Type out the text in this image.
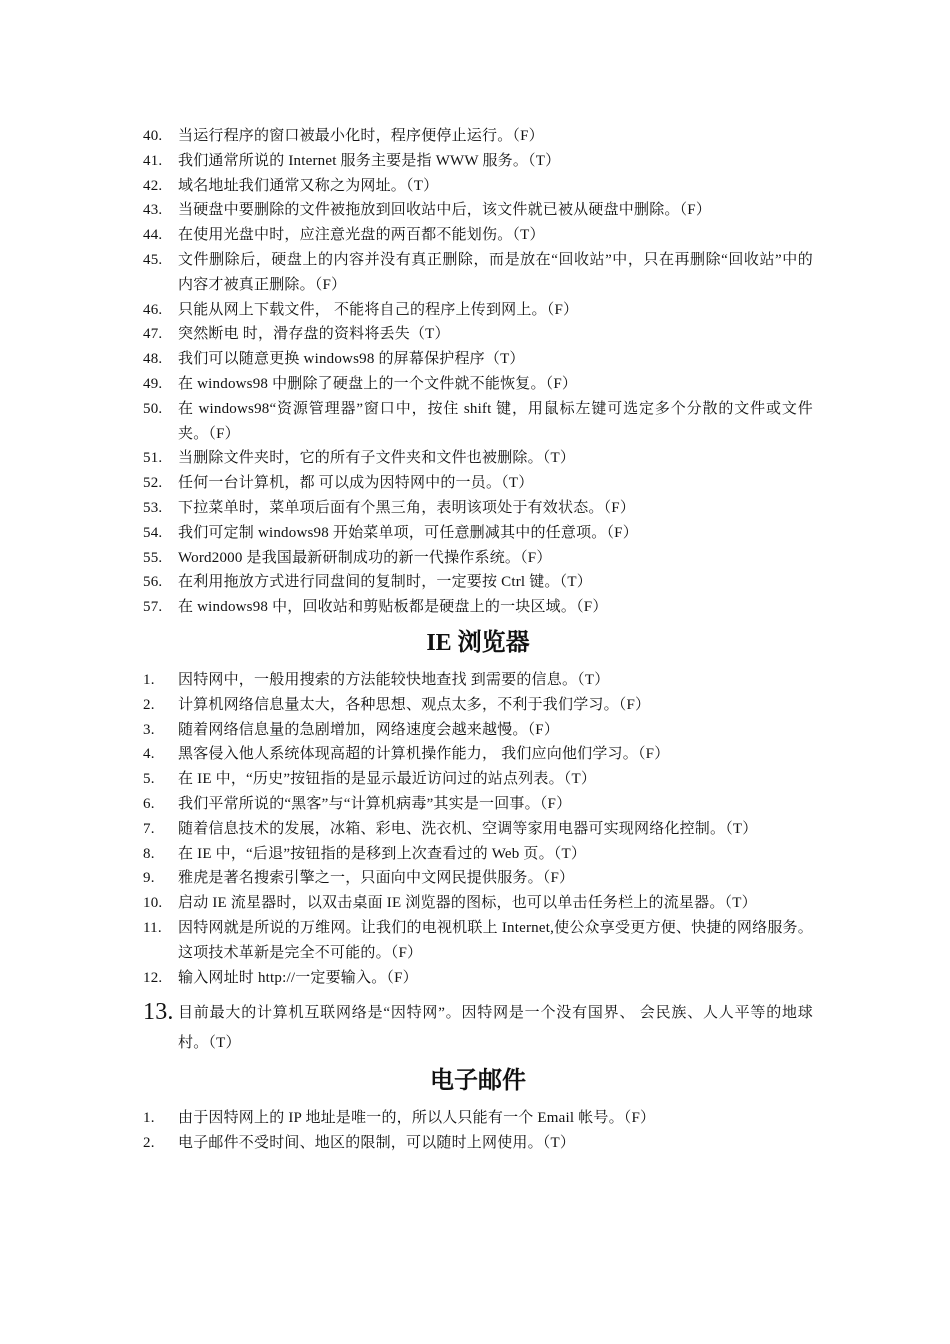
40.	当运行程序的窗口被最小化时，程序便停止运行。（F）
41.	我们通常所说的 Internet 服务主要是指 WWW 服务。（T）
42.	域名地址我们通常又称之为网址。（T）
43.	当硬盘中要删除的文件被拖放到回收站中后，该文件就已被从硬盘中删除。（F）
44.	在使用光盘中时，应注意光盘的两百都不能划伤。（T）
45.	文件删除后，硬盘上的内容并没有真正删除，而是放在“回收站”中，只在再删除“回收站”中的内容才被真正删除。（F）
46.	只能从网上下载文件， 不能将自己的程序上传到网上。（F）
47.	突然断电 时，滑存盘的资料将丢失（T）
48.	我们可以随意更换 windows98 的屏幕保护程序（T）
49.	在 windows98 中删除了硬盘上的一个文件就不能恢复。（F）
50.	在 windows98“资源管理器”窗口中，按住 shift 键，用鼠标左键可选定多个分散的文件或文件夹。（F）
51.	当删除文件夹时，它的所有子文件夹和文件也被删除。（T）
52.	任何一台计算机，都 可以成为因特网中的一员。（T）
53.	下拉菜单时，菜单项后面有个黑三角，表明该项处于有效状态。（F）
54.	我们可定制 windows98 开始菜单项，可任意删减其中的任意项。（F）
55.	Word2000 是我国最新研制成功的新一代操作系统。（F）
56.	在利用拖放方式进行同盘间的复制时，一定要按 Ctrl 键。（T）
57.	在 windows98 中，回收站和剪贴板都是硬盘上的一块区域。（F）
IE 浏览器
1.	因特网中，一般用搜索的方法能较快地查找 到需要的信息。（T）
2.	计算机网络信息量太大，各种思想、观点太多，不利于我们学习。（F）
3.	随着网络信息量的急剧增加，网络速度会越来越慢。（F）
4.	黑客侵入他人系统体现高超的计算机操作能力， 我们应向他们学习。（F）
5.	在 IE 中，“历史”按钮指的是显示最近访问过的站点列表。（T）
6.	我们平常所说的“黑客”与“计算机病毒”其实是一回事。（F）
7.	随着信息技术的发展，冰箱、彩电、洗衣机、空调等家用电器可实现网络化控制。（T）
8.	在 IE 中，“后退”按钮指的是移到上次查看过的 Web 页。（T）
9.	雅虎是著名搜索引擎之一，只面向中文网民提供服务。（F）
10.	启动 IE 流星器时，以双击桌面 IE 浏览器的图标，也可以单击任务栏上的流星器。（T）
11.	因特网就是所说的万维网。让我们的电视机联上 Internet,使公众享受更方便、快捷的网络服务。这项技术革新是完全不可能的。（F）
12.	输入网址时 http://一定要输入。（F）
13. 目前最大的计算机互联网络是“因特网”。因特网是一个没有国界、 会民族、人人平等的地球村。（T）
电子邮件
1.	由于因特网上的 IP 地址是唯一的，所以人只能有一个 Email 帐号。（F）
2.	电子邮件不受时间、地区的限制，可以随时上网使用。（T）
